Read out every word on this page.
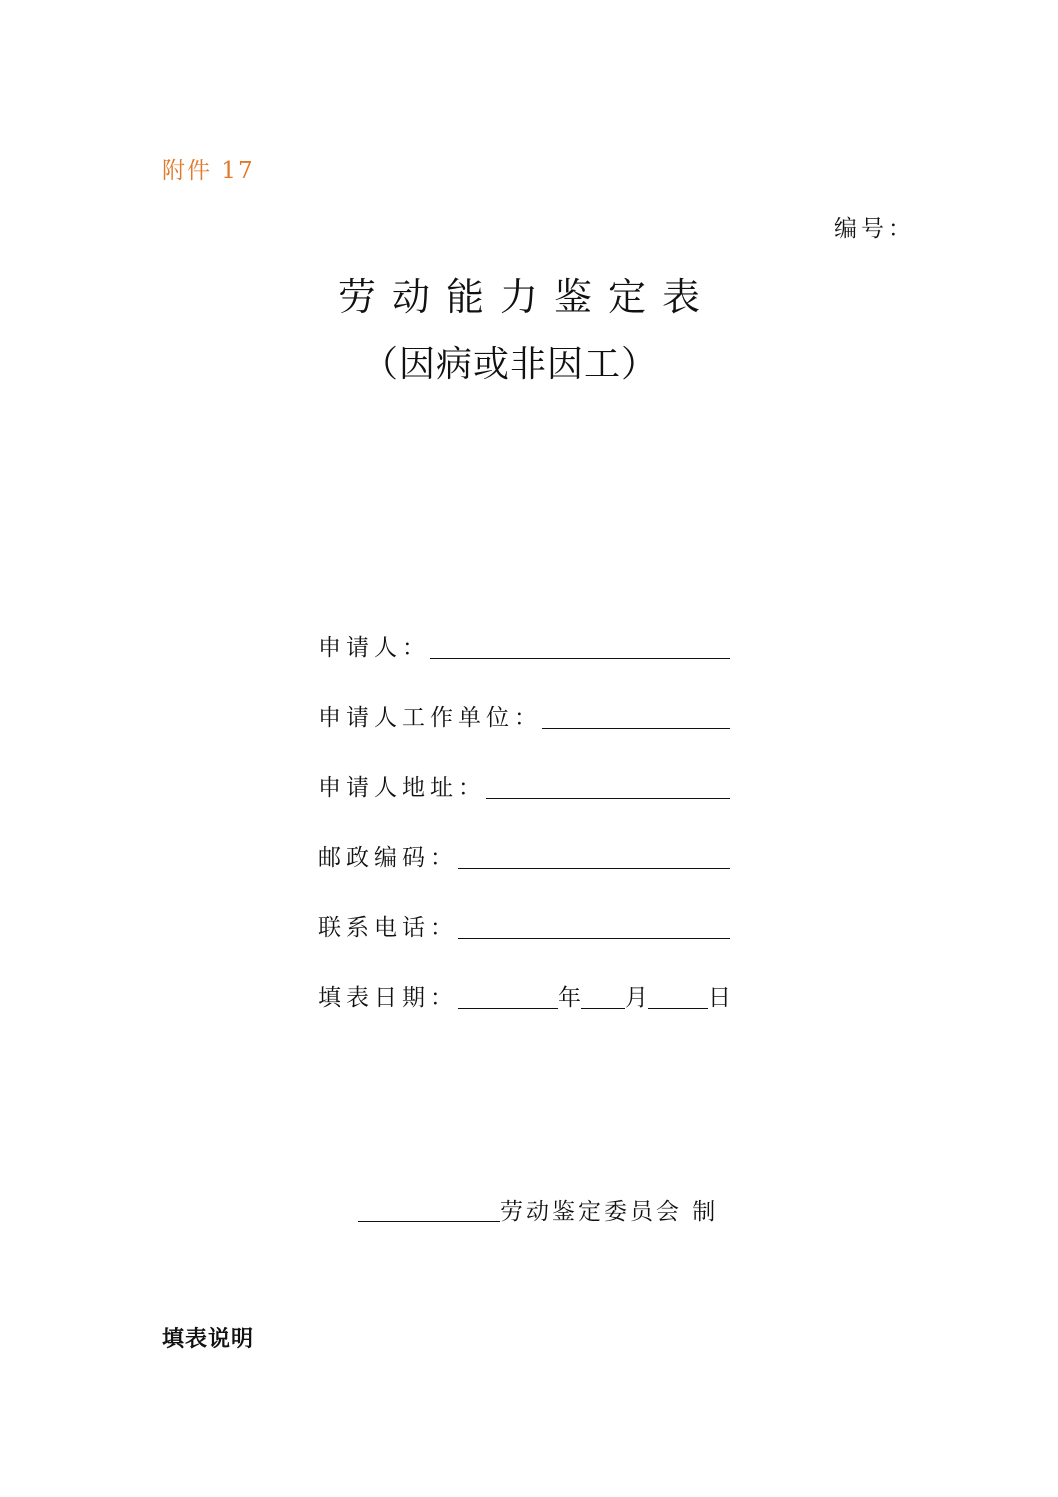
附件 17
编号：
劳动能力鉴定表
（因病或非因工）
申请人：
申请人工作单位：
申请人地址：
邮政编码：
联系电话：
填表日期：	年 月	日
劳动鉴定委员会 制
填表说明
